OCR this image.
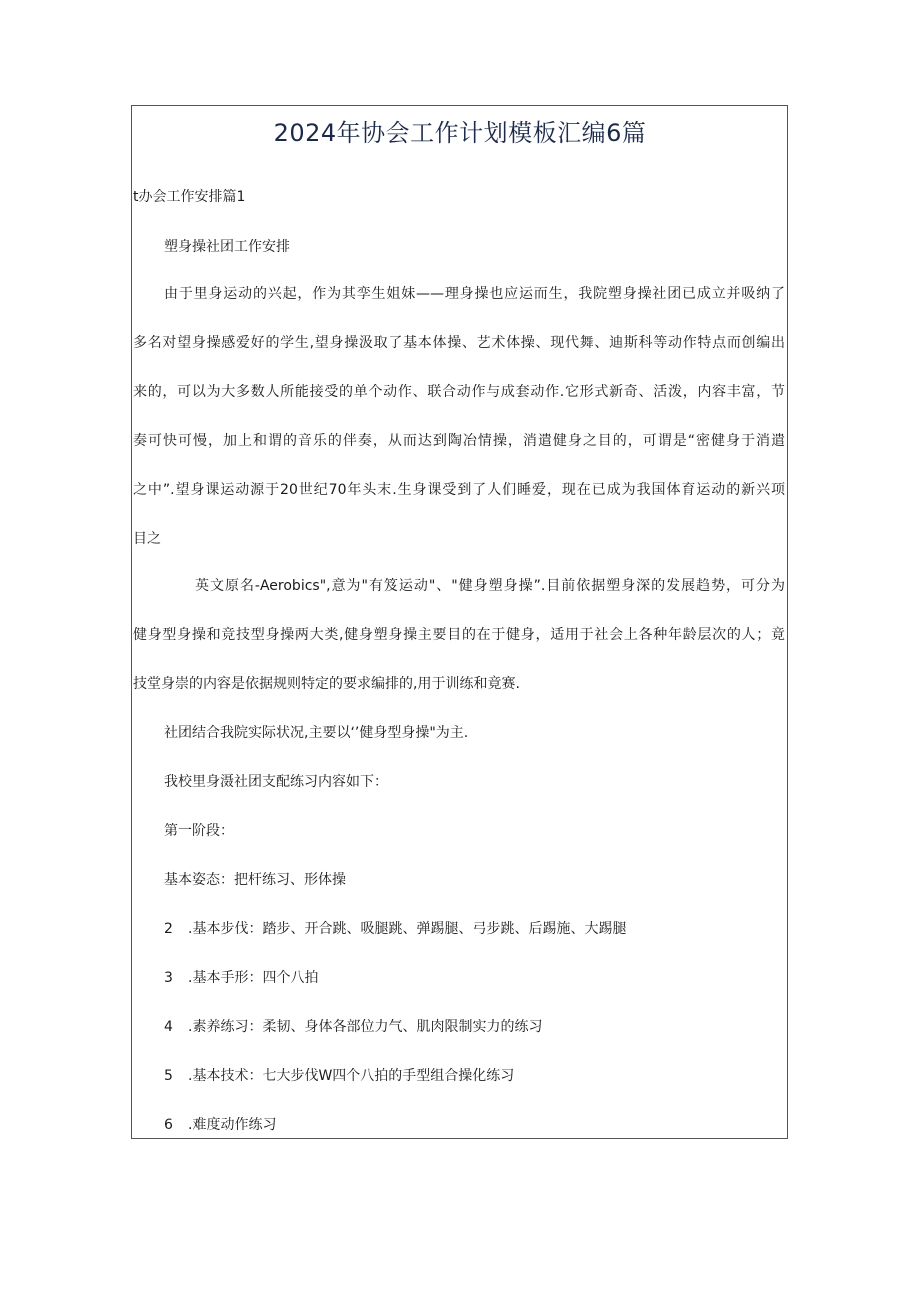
2024年协会工作计划模板汇编6篇
t办会工作安排篇1
塑身操社团工作安排
由于里身运动的兴起，作为其孪生姐妹——理身操也应运而生，我院塑身操社团已成立并吸纳了
多名对望身操感爱好的学生,望身操汲取了基本体操、艺术体操、现代舞、迪斯科等动作特点而创编出
来的，可以为大多数人所能接受的单个动作、联合动作与成套动作.它形式新奇、活泼，内容丰富，节
奏可快可慢，加上和谓的音乐的伴奏，从而达到陶冶情操，消遣健身之目的，可谓是“密健身于消遣
之中”.望身课运动源于20世纪70年头末.生身课受到了人们睡爱，现在已成为我国体育运动的新兴项
目之
英文原名-Aerobics",意为"有笈运动"、"健身塑身操”.目前依据塑身深的发展趋势，可分为
健身型身操和竞技型身操两大类,健身塑身操主要目的在于健身，适用于社会上各种年龄层次的人；竟
技堂身崇的内容是依据规则特定的要求编排的,用于训练和竟赛.
社团结合我院实际状况,主要以‘’健身型身操"为主.
我校里身滠社团支配练习内容如下：
第一阶段：
基本姿态：把杆练习、形体操
2 .基本步伐：踏步、开合跳、吸腿跳、弹踢腿、弓步跳、后踢施、大踢腿
3 .基本手形：四个八拍
4 .素养练习：柔韧、身体各部位力气、肌肉限制实力的练习
5 .基本技术：七大步伐W四个八拍的手型组合操化练习
6 .难度动作练习
